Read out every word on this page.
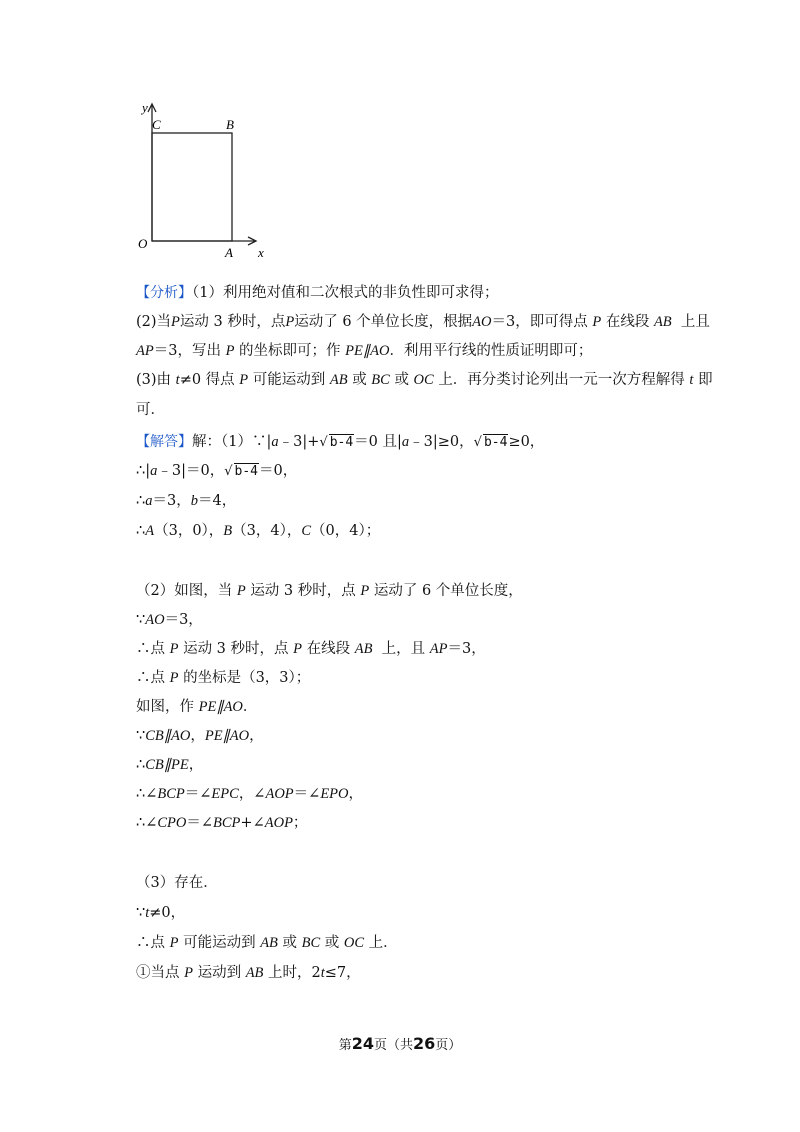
y
C	B
O
A x
【分析】（1）利用绝对值和二次根式的非负性即可求得；
(2)当P运动 3 秒时，点P运动了 6 个单位长度，根据AO＝3，即可得点 P 在线段 AB 上且
AP＝3，写出 P 的坐标即可；作 PE∥AO．利用平行线的性质证明即可；
(3)由 t≠0 得点 P 可能运动到 AB 或 BC 或 OC 上．再分类讨论列出一元一次方程解得 t 即
可．
【解答】解：（1）∵|a﹣3|+√ b-4＝0 且|a﹣3|≥0，√ b-4≥0，
∴|a﹣3|＝0，√ b-4＝0，
∴a＝3，b＝4，
∴A（3，0），B（3，4），C（0，4）；
（2）如图，当 P 运动 3 秒时，点 P 运动了 6 个单位长度，
∵AO＝3，
∴点 P 运动 3 秒时，点 P 在线段 AB 上，且 AP＝3，
∴点 P 的坐标是（3，3）；
如图，作 PE∥AO．
∵CB∥AO，PE∥AO，
∴CB∥PE，
∴∠BCP＝∠EPC，∠AOP＝∠EPO，
∴∠CPO＝∠BCP+∠AOP；
（3）存在．
∵t≠0，
∴点 P 可能运动到 AB 或 BC 或 OC 上．
①当点 P 运动到 AB 上时，2t≤7，
第24页（共26页）
